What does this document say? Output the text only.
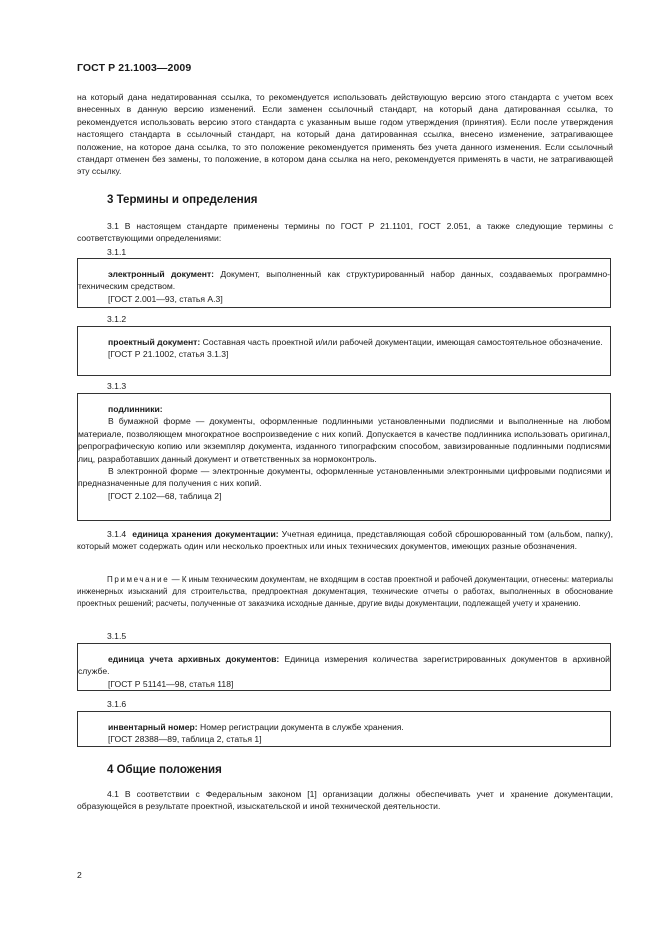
ГОСТ Р 21.1003—2009

на который дана недатированная ссылка, то рекомендуется использовать действующую версию этого стандарта с учетом всех внесенных в данную версию изменений. Если заменен ссылочный стандарт, на который дана датированная ссылка, то рекомендуется использовать версию этого стандарта с указанным выше годом утверждения (принятия). Если после утверждения настоящего стандарта в ссылочный стандарт, на который дана датированная ссылка, внесено изменение, затрагивающее положение, на которое дана ссылка, то это положение рекомендуется применять без учета данного изменения. Если ссылочный стандарт отменен без замены, то положение, в котором дана ссылка на него, рекомендуется применять в части, не затрагивающей эту ссылку.

3 Термины и определения

3.1 В настоящем стандарте применены термины по ГОСТ Р 21.1101, ГОСТ 2.051, а также следующие термины с соответствующими определениями:

3.1.1

электронный документ: Документ, выполненный как структурированный набор данных, создаваемых программно-техническим средством.

[ГОСТ 2.001—93, статья А.3]

3.1.2

проектный документ: Составная часть проектной и/или рабочей документации, имеющая самостоятельное обозначение.

[ГОСТ Р 21.1002, статья 3.1.3]

3.1.3

подлинники:

В бумажной форме — документы, оформленные подлинными установленными подписями и выполненные на любом материале, позволяющем многократное воспроизведение с них копий. Допускается в качестве подлинника использовать оригинал, репрографическую копию или экземпляр документа, изданного типографским способом, завизированные подлинными подписями лиц, разработавших данный документ и ответственных за нормоконтроль.

В электронной форме — электронные документы, оформленные установленными электронными цифровыми подписями и предназначенные для получения с них копий.

[ГОСТ 2.102—68, таблица 2]

3.1.4 единица хранения документации: Учетная единица, представляющая собой сброшюрованный том (альбом, папку), который может содержать один или несколько проектных или иных технических документов, имеющих разные обозначения.

Примечание — К иным техническим документам, не входящим в состав проектной и рабочей документации, отнесены: материалы инженерных изысканий для строительства, предпроектная документация, технические отчеты о работах, выполненных в обоснование проектных решений; расчеты, полученные от заказчика исходные данные, другие виды документации, подлежащей учету и хранению.

3.1.5

единица учета архивных документов: Единица измерения количества зарегистрированных документов в архивной службе.

[ГОСТ Р 51141—98, статья 118]

3.1.6

инвентарный номер: Номер регистрации документа в службе хранения.

[ГОСТ 28388—89, таблица 2, статья 1]

4 Общие положения

4.1 В соответствии с Федеральным законом [1] организации должны обеспечивать учет и хранение документации, образующейся в результате проектной, изыскательской и иной технической деятельности.

2
